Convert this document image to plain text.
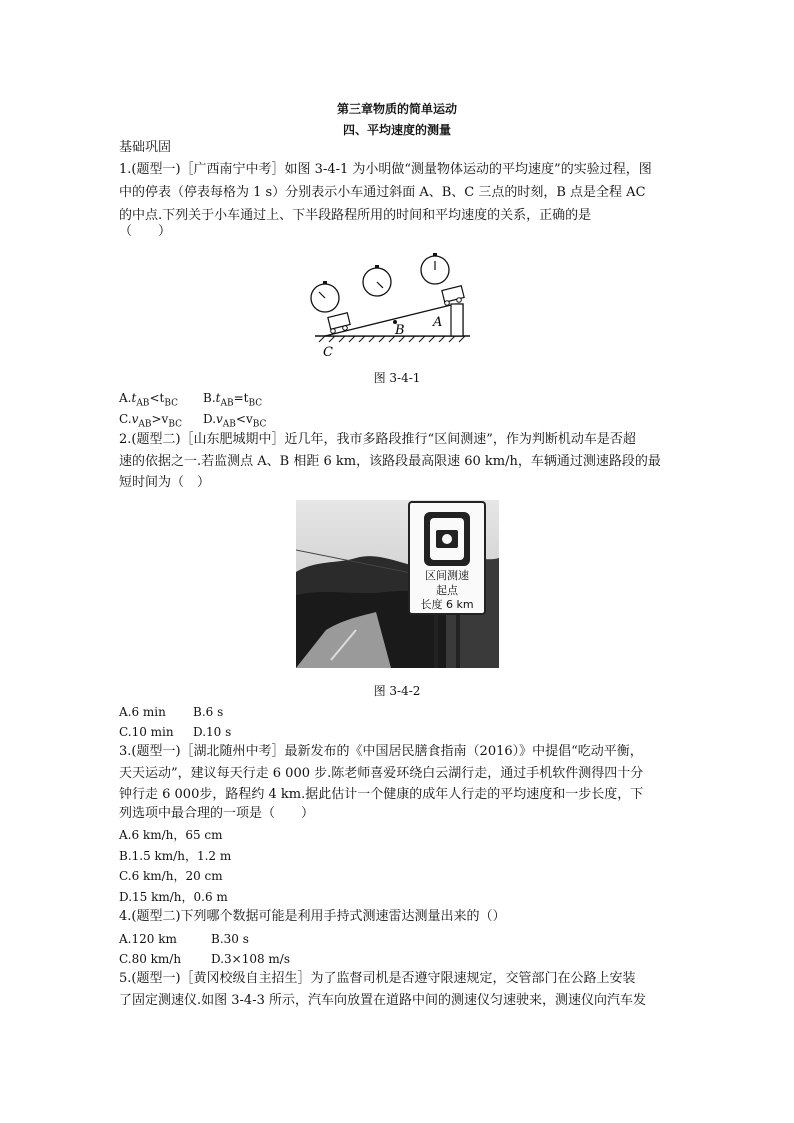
第三章物质的简单运动
四、平均速度的测量
基础巩固
1.(题型一)［广西南宁中考］如图 3-4-1 为小明做“测量物体运动的平均速度”的实验过程，图
中的停表（停表每格为 1 s）分别表示小车通过斜面 A、B、C 三点的时刻，B 点是全程 AC
的中点.下列关于小车通过上、下半段路程所用的时间和平均速度的关系，正确的是
（　　）
A
B
C
图 3-4-1
$A.t_{AB}<t_{BC}$ $B.t_{AB}=t_{BC}$
$C.v_{AB}>v_{BC}$ $D.v_{AB}<v_{BC}$
2.(题型二)［山东肥城期中］近几年，我市多路段推行“区间测速”，作为判断机动车是否超
速的依据之一.若监测点 A、B 相距 6 km，该路段最高限速 60 km/h，车辆通过测速路段的最
短时间为（　）
区间测速
起点
长度 6 km
图 3-4-2
A.6 min B.6 s
C.10 min D.10 s
3.(题型一)［湖北随州中考］最新发布的《中国居民膳食指南（2016）》中提倡“吃动平衡，
天天运动”，建议每天行走 6 000 步.陈老师喜爱环绕白云湖行走，通过手机软件测得四十分
钟行走 6 000步，路程约 4 km.据此估计一个健康的成年人行走的平均速度和一步长度，下
列选项中最合理的一项是（　　）
A.6 km/h，65 cm
B.1.5 km/h，1.2 m
C.6 km/h，20 cm
D.15 km/h，0.6 m
4.(题型二)下列哪个数据可能是利用手持式测速雷达测量出来的（）
A.120 km	B.30 s
C.80 km/h D.3×108 m/s
5.(题型一)［黄冈校级自主招生］为了监督司机是否遵守限速规定，交管部门在公路上安装
了固定测速仪.如图 3-4-3 所示，汽车向放置在道路中间的测速仪匀速驶来，测速仪向汽车发
